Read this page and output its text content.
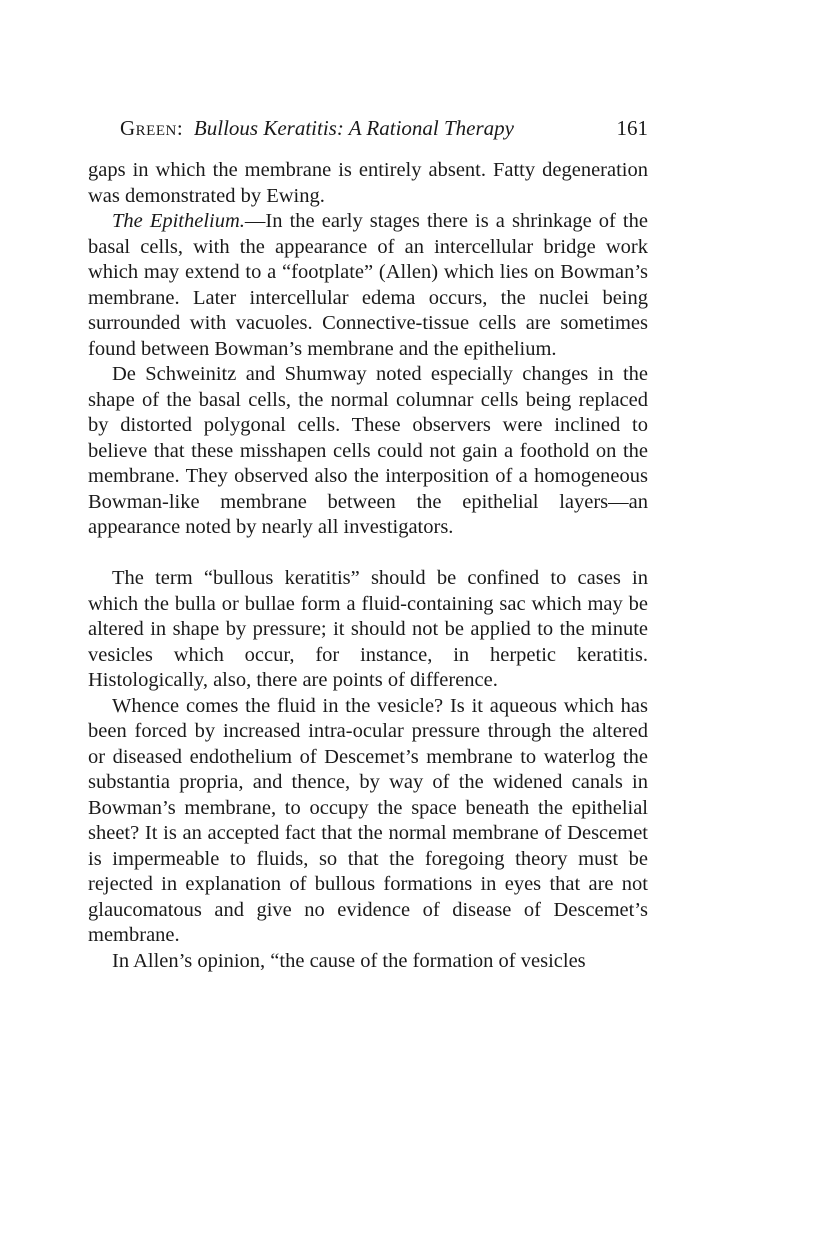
Green: Bullous Keratitis: A Rational Therapy	161

gaps in which the membrane is entirely absent. Fatty degeneration was demonstrated by Ewing.

The Epithelium.—In the early stages there is a shrinkage of the basal cells, with the appearance of an intercellular bridge work which may extend to a “footplate” (Allen) which lies on Bowman’s membrane. Later intercellular edema occurs, the nuclei being surrounded with vacuoles. Connective-tissue cells are sometimes found between Bowman’s membrane and the epithelium.

De Schweinitz and Shumway noted especially changes in the shape of the basal cells, the normal columnar cells being replaced by distorted polygonal cells. These observers were inclined to believe that these misshapen cells could not gain a foothold on the membrane. They observed also the interposition of a homogeneous Bowman-like membrane between the epithelial layers—an appearance noted by nearly all investigators.

The term “bullous keratitis” should be confined to cases in which the bulla or bullae form a fluid-containing sac which may be altered in shape by pressure; it should not be applied to the minute vesicles which occur, for instance, in herpetic keratitis. Histologically, also, there are points of difference.

Whence comes the fluid in the vesicle? Is it aqueous which has been forced by increased intra-ocular pressure through the altered or diseased endothelium of Descemet’s membrane to waterlog the substantia propria, and thence, by way of the widened canals in Bowman’s membrane, to occupy the space beneath the epithelial sheet? It is an accepted fact that the normal membrane of Descemet is impermeable to fluids, so that the foregoing theory must be rejected in explanation of bullous formations in eyes that are not glaucomatous and give no evidence of disease of Descemet’s membrane.

In Allen’s opinion, “the cause of the formation of vesicles
